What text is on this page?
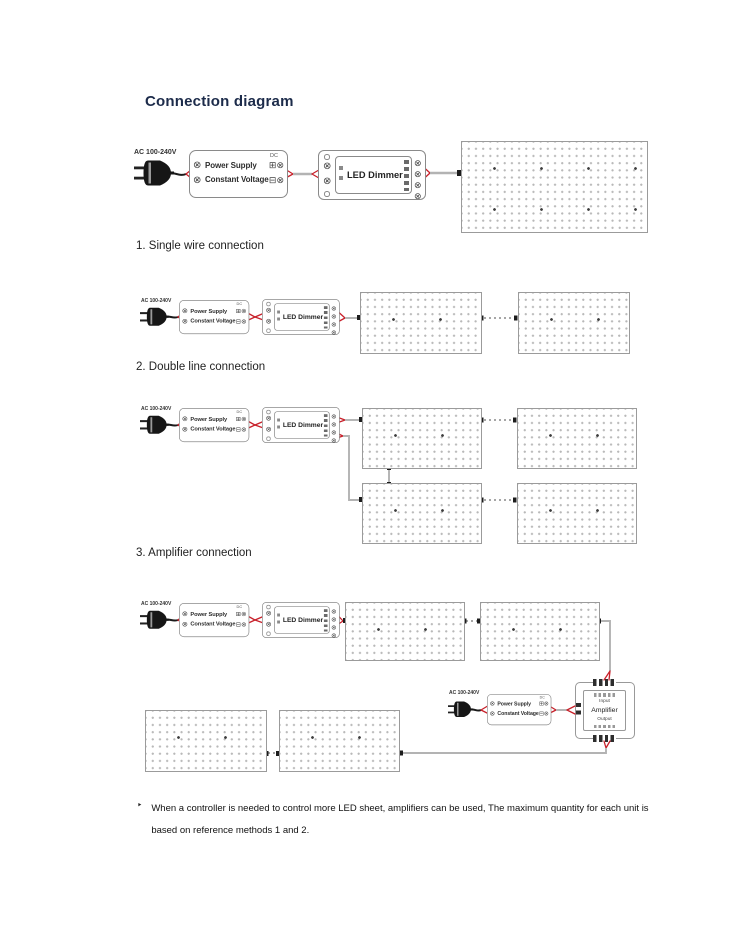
Connection diagram
AC 100-240V
AC 100-240V
AC 100-240V
AC 100-240V
AC 100-240V
1. Single wire connection
2. Double line connection
3. Amplifier connection
Input
Amplifier
Output
‣ When a controller is needed to control more LED sheet, amplifiers can be used, The maximum quantity for each unit is
based on reference methods 1 and 2.
⊗
⊗
Power Supply
Constant Voltage
DC
⊞⊗
⊟⊗
⊗
⊗
Power Supply
Constant Voltage
DC
⊞⊗
⊟⊗
⊗
⊗
Power Supply
Constant Voltage
DC
⊞⊗
⊟⊗
⊗
⊗
Power Supply
Constant Voltage
DC
⊞⊗
⊟⊗
⊗
⊗
Power Supply
Constant Voltage
DC
⊞⊗
⊟⊗
⊗
⊗
LED Dimmer
⊗
⊗
⊗
⊗
⊗
⊗
LED Dimmer
⊗
⊗
⊗
⊗
⊗
⊗
LED Dimmer
⊗
⊗
⊗
⊗
⊗
⊗
LED Dimmer
⊗
⊗
⊗
⊗
